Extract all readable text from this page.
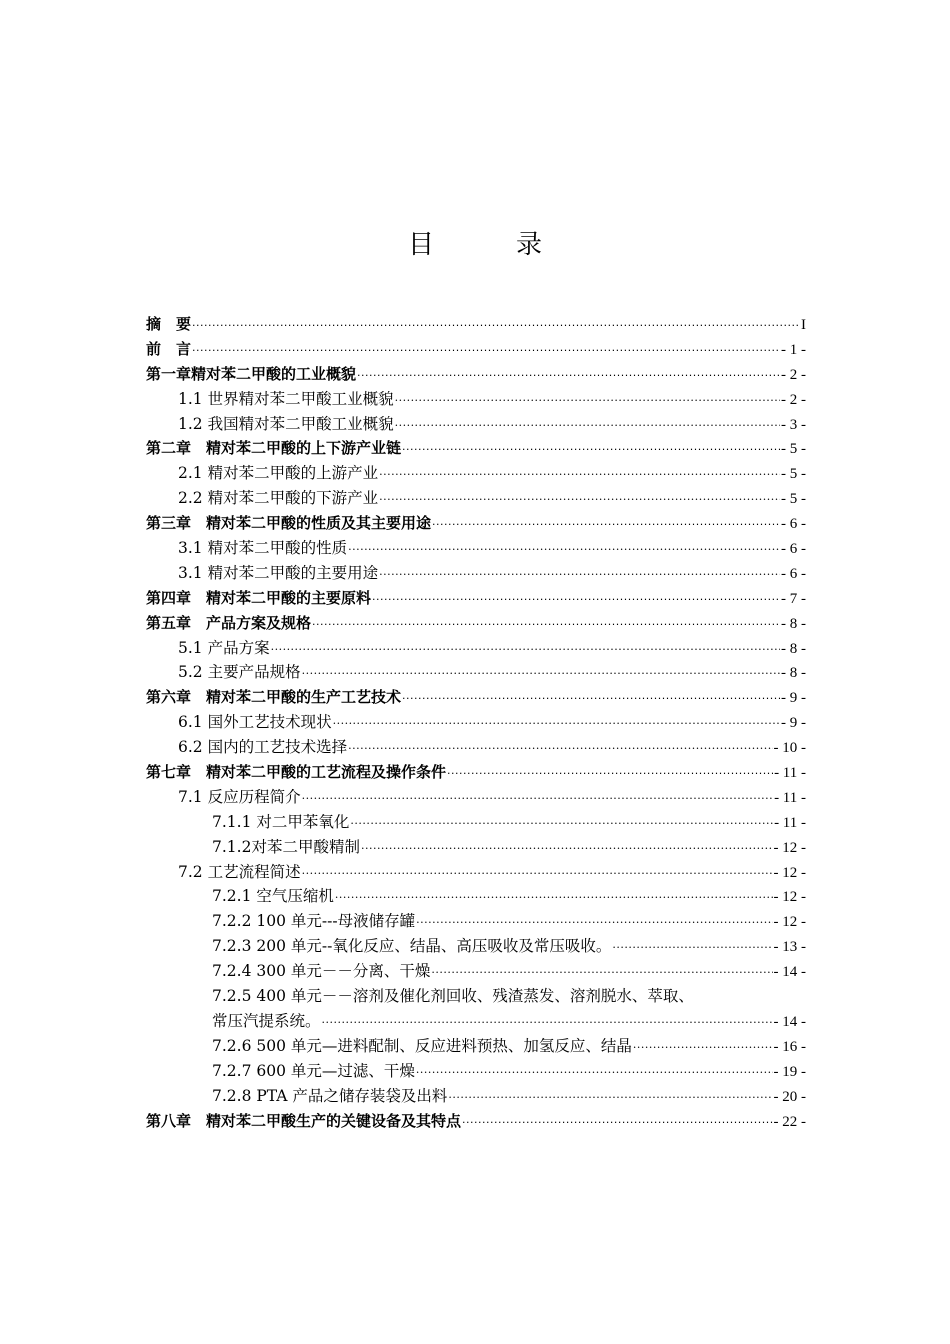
目　录
摘　要 ·····	I
前　言 ·····	- 1 -
第一章精对苯二甲酸的工业概貌 ·····	- 2 -
1.1 世界精对苯二甲酸工业概貌 ·····	- 2 -
1.2 我国精对苯二甲酸工业概貌 ·····	- 3 -
第二章　精对苯二甲酸的上下游产业链 ·····	- 5 -
2.1 精对苯二甲酸的上游产业 ·····	- 5 -
2.2 精对苯二甲酸的下游产业 ·····	- 5 -
第三章　精对苯二甲酸的性质及其主要用途 ·····	- 6 -
3.1 精对苯二甲酸的性质 ·····	- 6 -
3.1 精对苯二甲酸的主要用途 ·····	- 6 -
第四章　精对苯二甲酸的主要原料 ·····	- 7 -
第五章　产品方案及规格 ·····	- 8 -
5.1 产品方案 ·····	- 8 -
5.2 主要产品规格 ·····	- 8 -
第六章　精对苯二甲酸的生产工艺技术 ·····	- 9 -
6.1 国外工艺技术现状 ·····	- 9 -
6.2 国内的工艺技术选择 ·····	- 10 -
第七章　精对苯二甲酸的工艺流程及操作条件 ·····	- 11 -
7.1 反应历程简介 ·····	- 11 -
7.1.1 对二甲苯氧化 ·····	- 11 -
7.1.2对苯二甲酸精制 ·····	- 12 -
7.2 工艺流程简述 ·····	- 12 -
7.2.1 空气压缩机 ·····	- 12 -
7.2.2 100 单元---母液储存罐 ·····	- 12 -
7.2.3 200 单元--氧化反应、结晶、高压吸收及常压吸收。 ·····	- 13 -
7.2.4 300 单元－－分离、干燥 ·····	- 14 -
7.2.5 400 单元－－溶剂及催化剂回收、残渣蒸发、溶剂脱水、萃取、
常压汽提系统。 ·····	- 14 -
7.2.6 500 单元—进料配制、反应进料预热、加氢反应、结晶 ·····	- 16 -
7.2.7 600 单元—过滤、干燥 ·····	- 19 -
7.2.8 PTA 产品之储存装袋及出料 ·····	- 20 -
第八章　精对苯二甲酸生产的关键设备及其特点 ·····	- 22 -
